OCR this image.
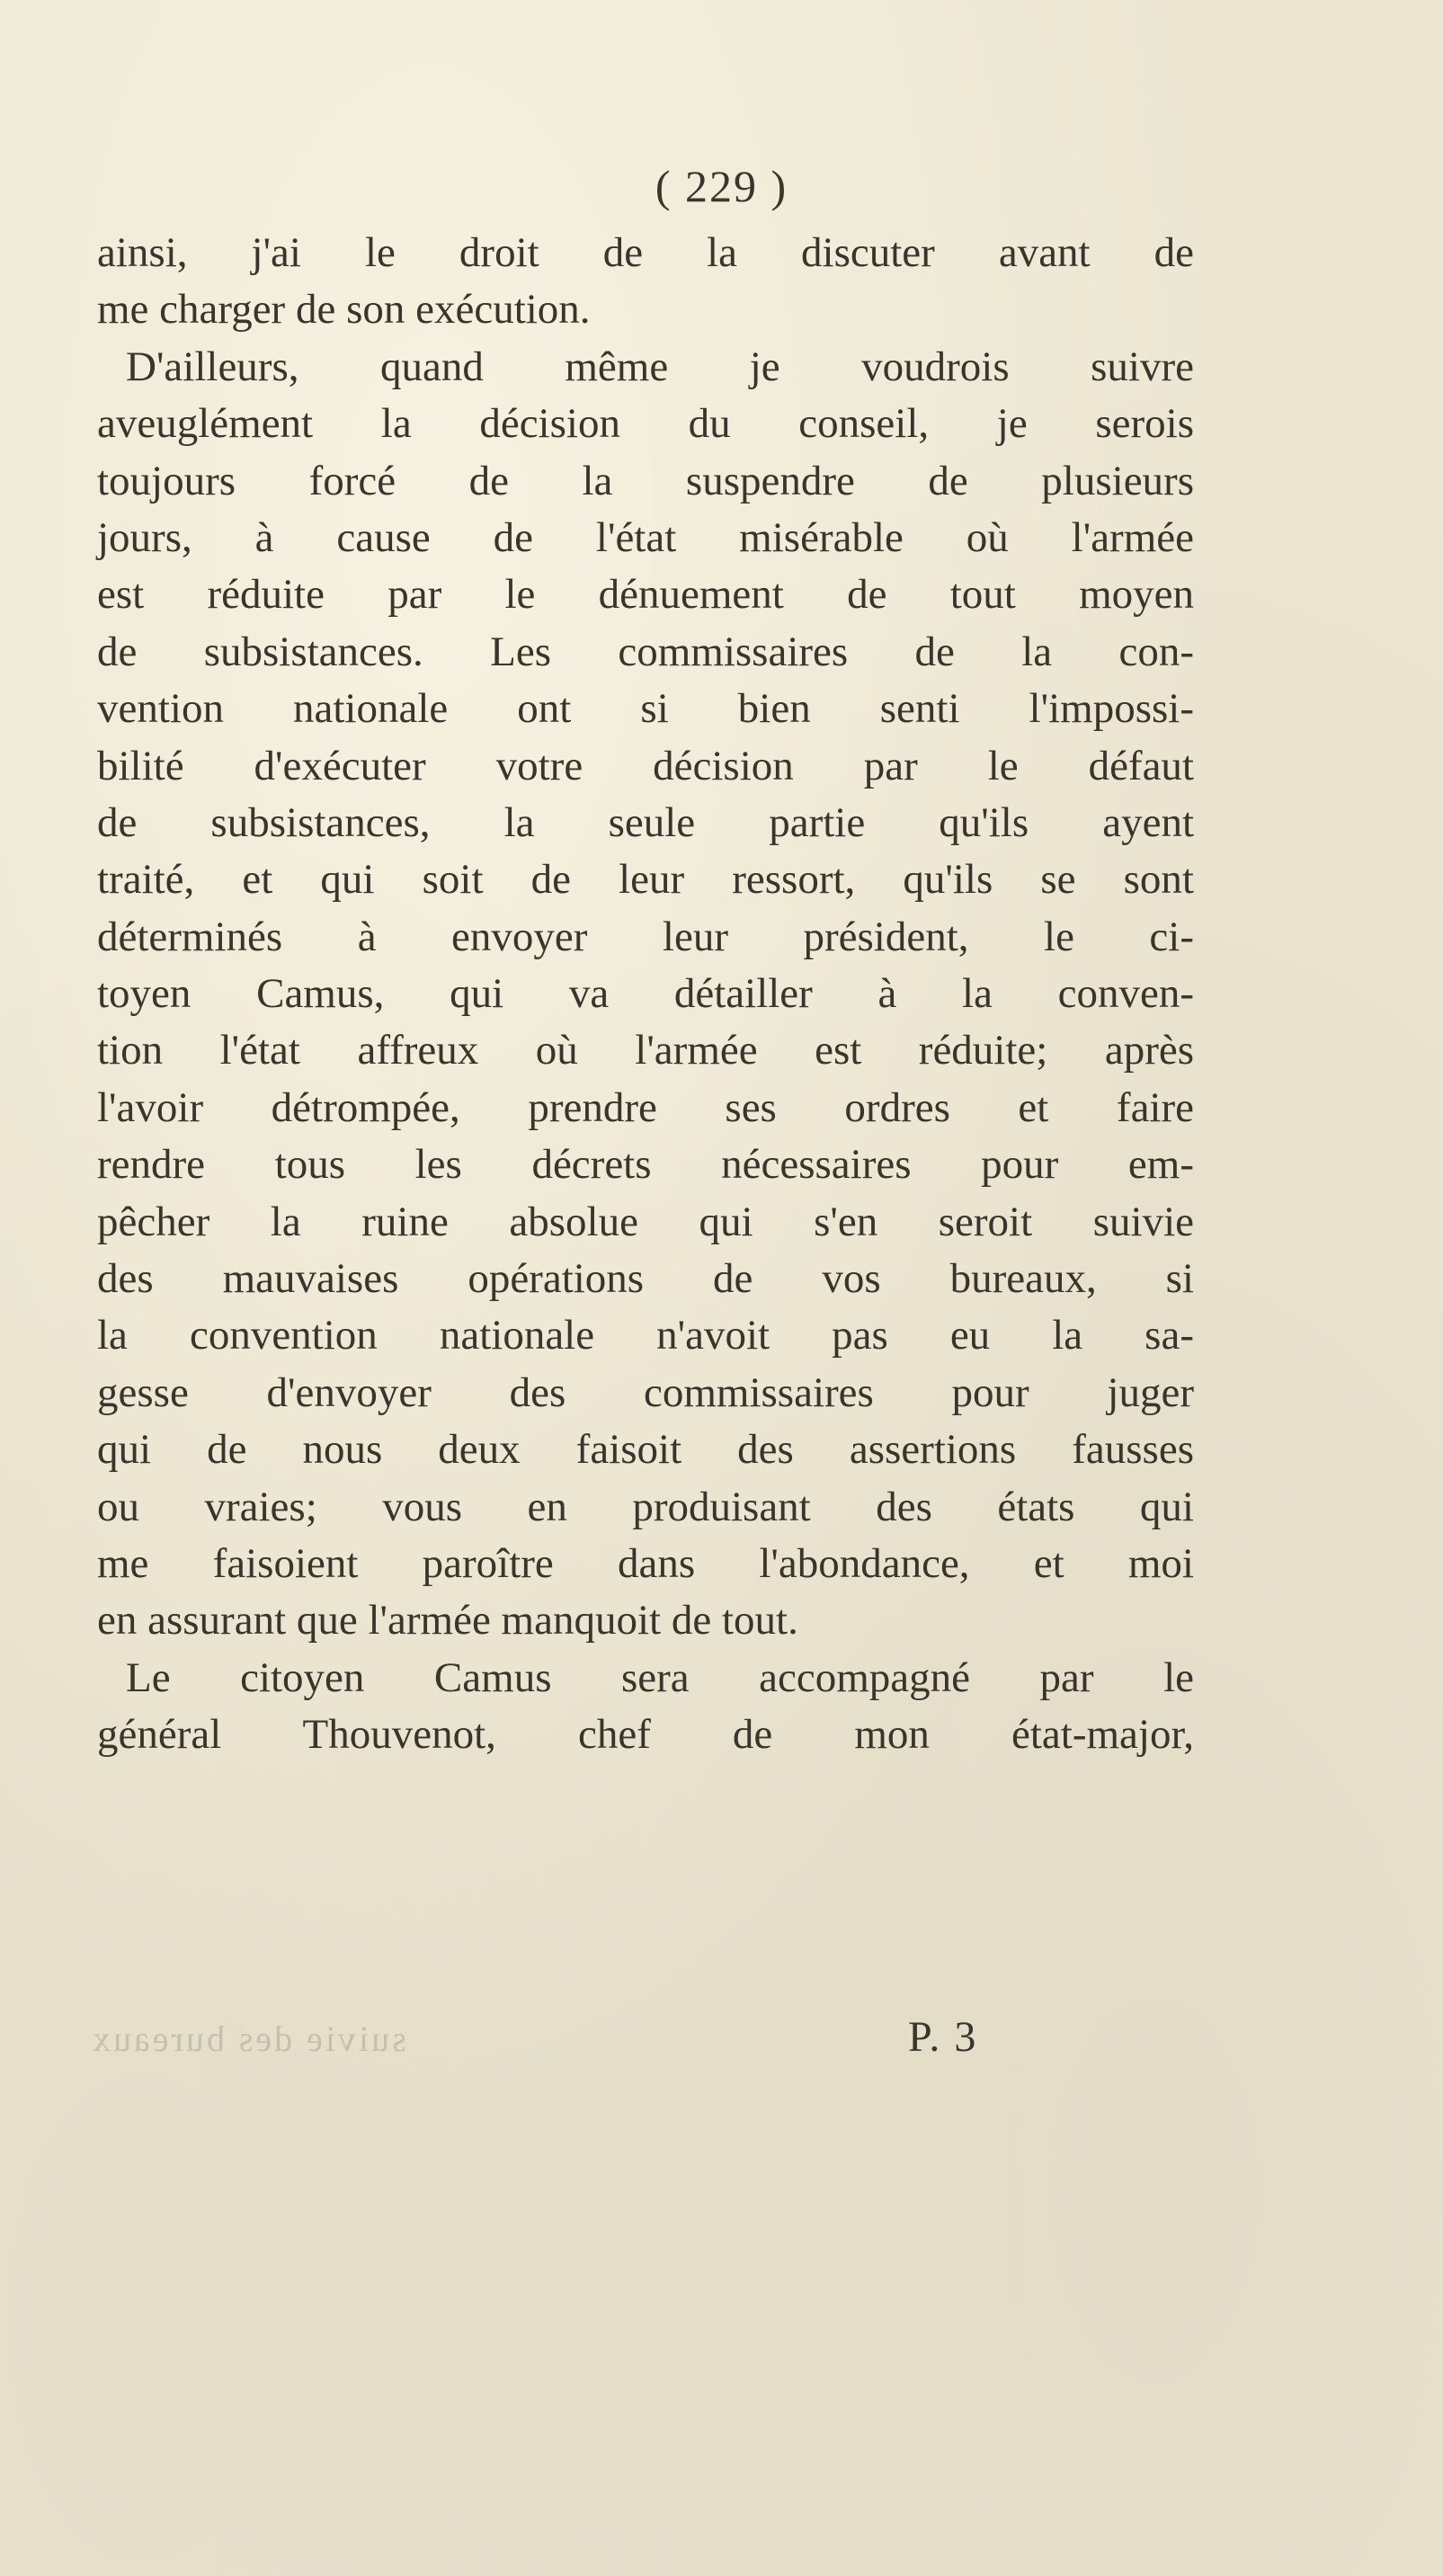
( 229 )
ainsi, j'ai le droit de la discuter avant de
me charger de son exécution.
D'ailleurs, quand même je voudrois suivre
aveuglément la décision du conseil, je serois
toujours forcé de la suspendre de plusieurs
jours, à cause de l'état misérable où l'armée
est réduite par le dénuement de tout moyen
de subsistances. Les commissaires de la con-
vention nationale ont si bien senti l'impossi-
bilité d'exécuter votre décision par le défaut
de subsistances, la seule partie qu'ils ayent
traité, et qui soit de leur ressort, qu'ils se sont
déterminés à envoyer leur président, le ci-
toyen Camus, qui va détailler à la conven-
tion l'état affreux où l'armée est réduite; après
l'avoir détrompée, prendre ses ordres et faire
rendre tous les décrets nécessaires pour em-
pêcher la ruine absolue qui s'en seroit suivie
des mauvaises opérations de vos bureaux, si
la convention nationale n'avoit pas eu la sa-
gesse d'envoyer des commissaires pour juger
qui de nous deux faisoit des assertions fausses
ou vraies; vous en produisant des états qui
me faisoient paroître dans l'abondance, et moi
en assurant que l'armée manquoit de tout.
Le citoyen Camus sera accompagné par le
général Thouvenot, chef de mon état-major,
suivie des bureaux	P. 3
